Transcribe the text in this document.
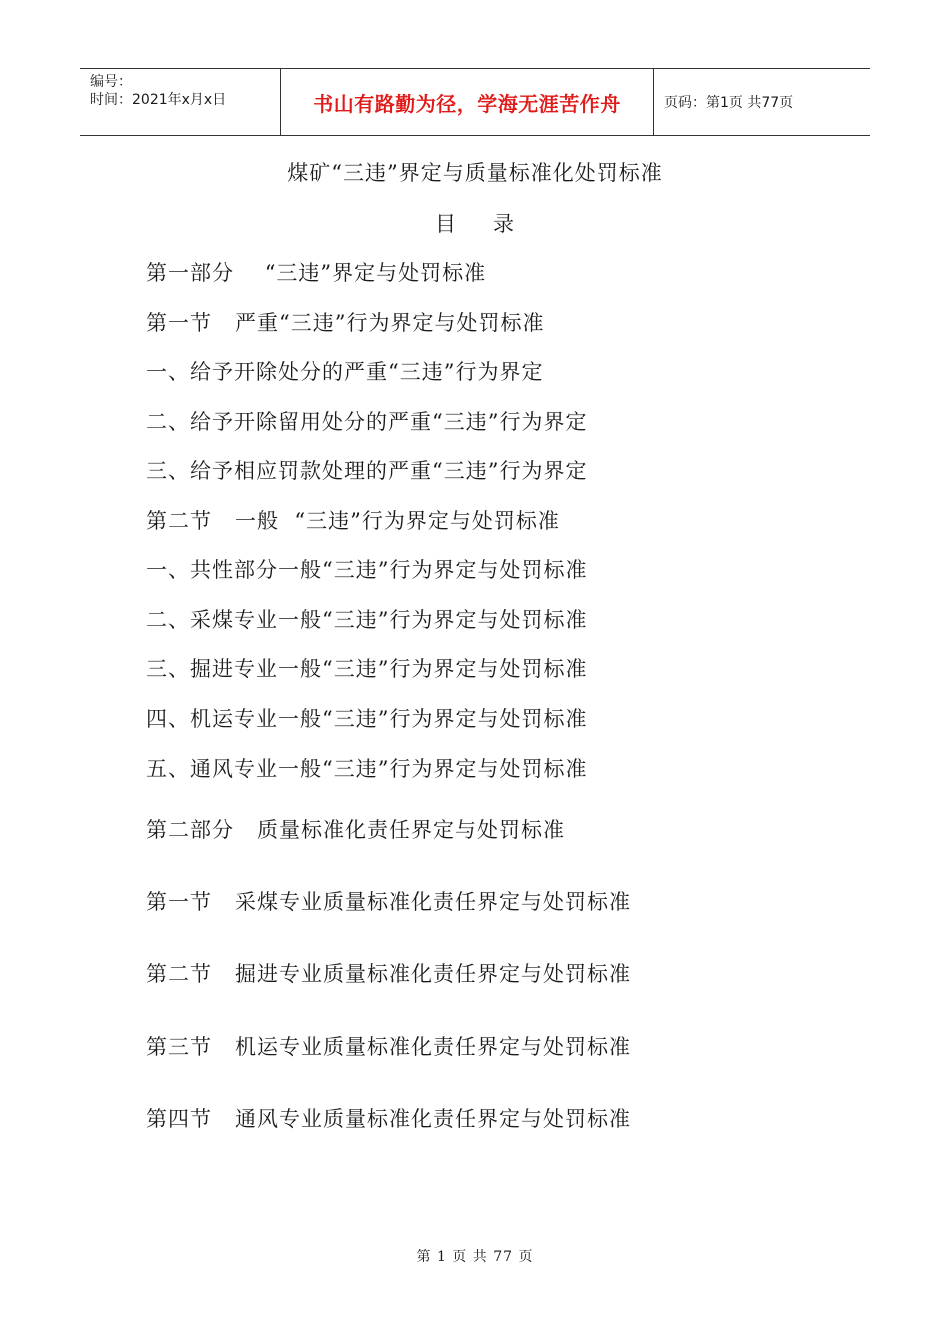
编号：
时间：2021年x月x日	书山有路勤为径，学海无涯苦作舟	页码：第1页 共77页
煤矿“三违”界定与质量标准化处罚标准
目 录
第一部分    “三违”界定与处罚标准
第一节   严重“三违”行为界定与处罚标准
一、给予开除处分的严重“三违”行为界定
二、给予开除留用处分的严重“三违”行为界定
三、给予相应罚款处理的严重“三违”行为界定
第二节   一般  “三违”行为界定与处罚标准
一、共性部分一般“三违”行为界定与处罚标准
二、采煤专业一般“三违”行为界定与处罚标准
三、掘进专业一般“三违”行为界定与处罚标准
四、机运专业一般“三违”行为界定与处罚标准
五、通风专业一般“三违”行为界定与处罚标准
第二部分   质量标准化责任界定与处罚标准
第一节   采煤专业质量标准化责任界定与处罚标准
第二节   掘进专业质量标准化责任界定与处罚标准
第三节   机运专业质量标准化责任界定与处罚标准
第四节   通风专业质量标准化责任界定与处罚标准
第 1 页 共 77 页
